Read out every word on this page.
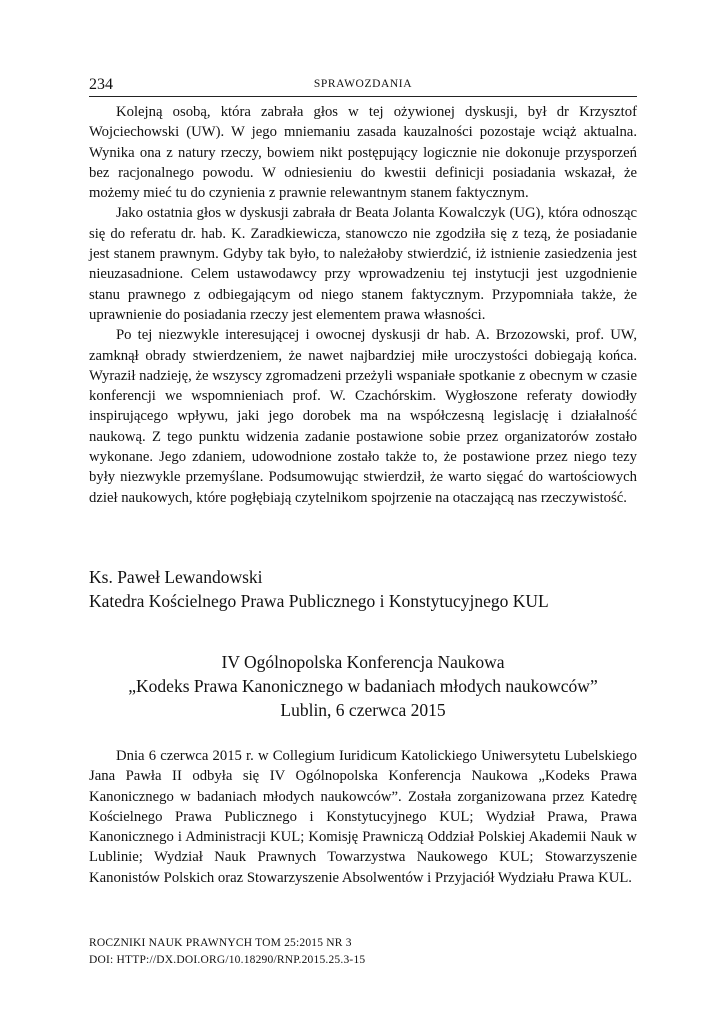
234	SPRAWOZDANIA

Kolejną osobą, która zabrała głos w tej ożywionej dyskusji, był dr Krzysztof Wojciechowski (UW). W jego mniemaniu zasada kauzalności pozostaje wciąż aktualna. Wynika ona z natury rzeczy, bowiem nikt postępujący logicznie nie dokonuje przysporzeń bez racjonalnego powodu. W odniesieniu do kwestii definicji posiadania wskazał, że możemy mieć tu do czynienia z prawnie relewantnym stanem faktycznym.

Jako ostatnia głos w dyskusji zabrała dr Beata Jolanta Kowalczyk (UG), która odnosząc się do referatu dr. hab. K. Zaradkiewicza, stanowczo nie zgodziła się z tezą, że posiadanie jest stanem prawnym. Gdyby tak było, to należałoby stwierdzić, iż istnienie zasiedzenia jest nieuzasadnione. Celem ustawodawcy przy wprowadzeniu tej instytucji jest uzgodnienie stanu prawnego z odbiegającym od niego stanem faktycznym. Przypomniała także, że uprawnienie do posiadania rzeczy jest elementem prawa własności.

Po tej niezwykle interesującej i owocnej dyskusji dr hab. A. Brzozowski, prof. UW, zamknął obrady stwierdzeniem, że nawet najbardziej miłe uroczystości dobiegają końca. Wyraził nadzieję, że wszyscy zgromadzeni przeżyli wspaniałe spotkanie z obecnym w czasie konferencji we wspomnieniach prof. W. Czachórskim. Wygłoszone referaty dowiodły inspirującego wpływu, jaki jego dorobek ma na współczesną legislację i działalność naukową. Z tego punktu widzenia zadanie postawione sobie przez organizatorów zostało wykonane. Jego zdaniem, udowodnione zostało także to, że postawione przez niego tezy były niezwykle przemyślane. Podsumowując stwierdził, że warto sięgać do wartościowych dzieł naukowych, które pogłębiają czytelnikom spojrzenie na otaczającą nas rzeczywistość.

Ks. Paweł Lewandowski
Katedra Kościelnego Prawa Publicznego i Konstytucyjnego KUL
IV Ogólnopolska Konferencja Naukowa
„Kodeks Prawa Kanonicznego w badaniach młodych naukowców”
Lublin, 6 czerwca 2015

Dnia 6 czerwca 2015 r. w Collegium Iuridicum Katolickiego Uniwersytetu Lubelskiego Jana Pawła II odbyła się IV Ogólnopolska Konferencja Naukowa „Kodeks Prawa Kanonicznego w badaniach młodych naukowców”. Została zorganizowana przez Katedrę Kościelnego Prawa Publicznego i Konstytucyjnego KUL; Wydział Prawa, Prawa Kanonicznego i Administracji KUL; Komisję Prawniczą Oddział Polskiej Akademii Nauk w Lublinie; Wydział Nauk Prawnych Towarzystwa Naukowego KUL; Stowarzyszenie Kanonistów Polskich oraz Stowarzyszenie Absolwentów i Przyjaciół Wydziału Prawa KUL.

ROCZNIKI NAUK PRAWNYCH TOM 25:2015 NR 3
DOI: HTTP://DX.DOI.ORG/10.18290/RNP.2015.25.3-15
